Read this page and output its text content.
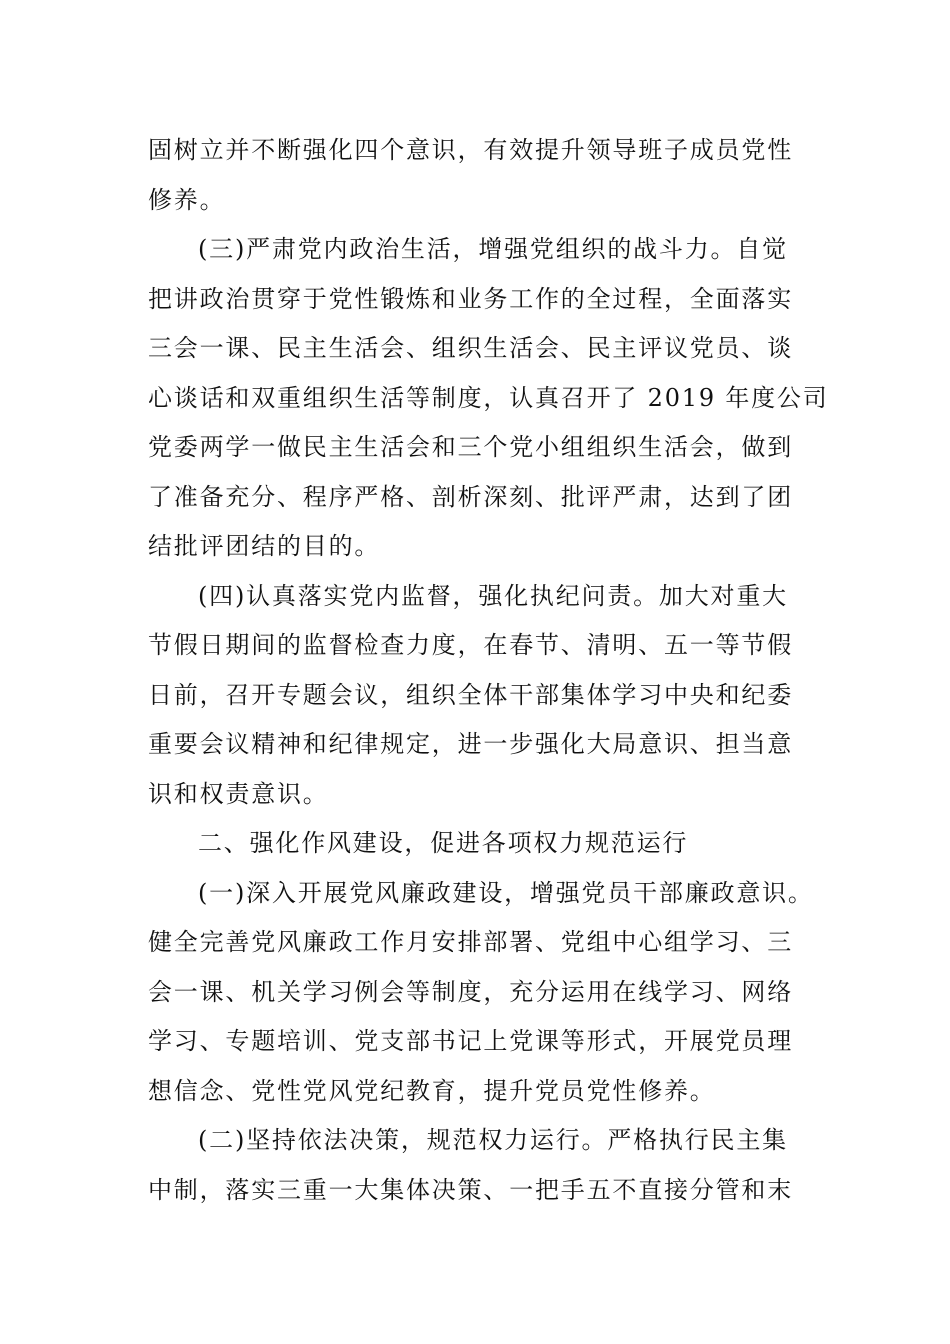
固树立并不断强化四个意识，有效提升领导班子成员党性
修养。
(三)严肃党内政治生活，增强党组织的战斗力。自觉
把讲政治贯穿于党性锻炼和业务工作的全过程，全面落实
三会一课、民主生活会、组织生活会、民主评议党员、谈
心谈话和双重组织生活等制度，认真召开了 2019 年度公司
党委两学一做民主生活会和三个党小组组织生活会，做到
了准备充分、程序严格、剖析深刻、批评严肃，达到了团
结批评团结的目的。
(四)认真落实党内监督，强化执纪问责。加大对重大
节假日期间的监督检查力度，在春节、清明、五一等节假
日前，召开专题会议，组织全体干部集体学习中央和纪委
重要会议精神和纪律规定，进一步强化大局意识、担当意
识和权责意识。
二、强化作风建设，促进各项权力规范运行
(一)深入开展党风廉政建设，增强党员干部廉政意识。
健全完善党风廉政工作月安排部署、党组中心组学习、三
会一课、机关学习例会等制度，充分运用在线学习、网络
学习、专题培训、党支部书记上党课等形式，开展党员理
想信念、党性党风党纪教育，提升党员党性修养。
(二)坚持依法决策，规范权力运行。严格执行民主集
中制，落实三重一大集体决策、一把手五不直接分管和末
